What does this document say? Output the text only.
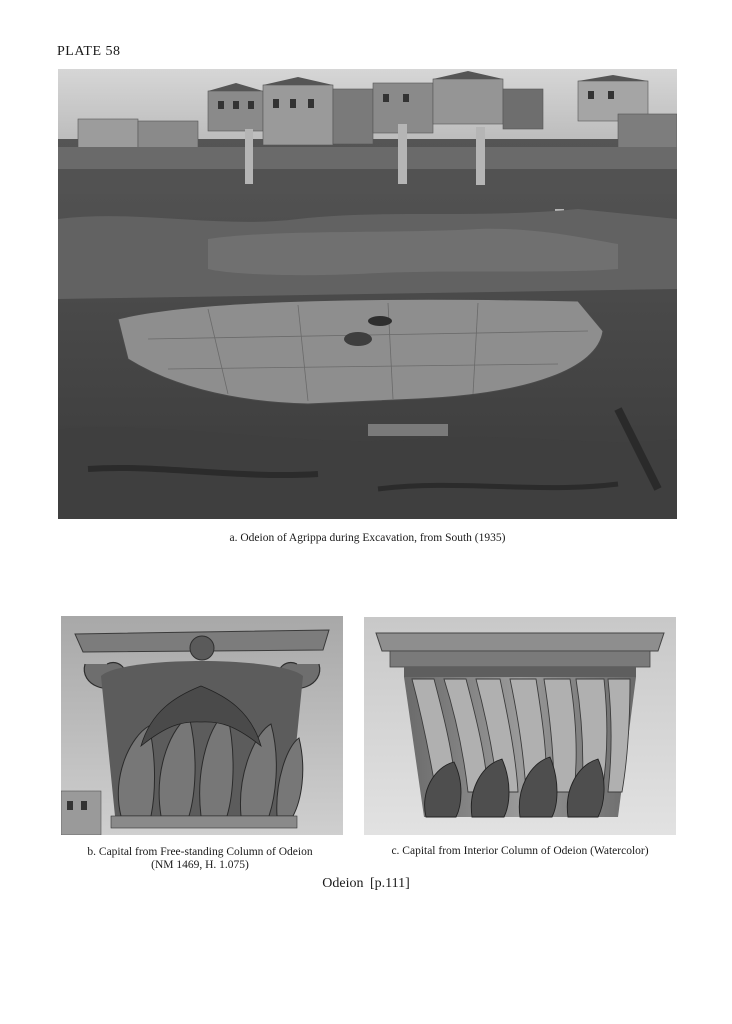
PLATE 58
a. Odeion of Agrippa during Excavation, from South (1935)
b. Capital from Free-standing Column of Odeion
(NM 1469, H. 1.075)
c. Capital from Interior Column of Odeion (Watercolor)
Odeion [p.111]
